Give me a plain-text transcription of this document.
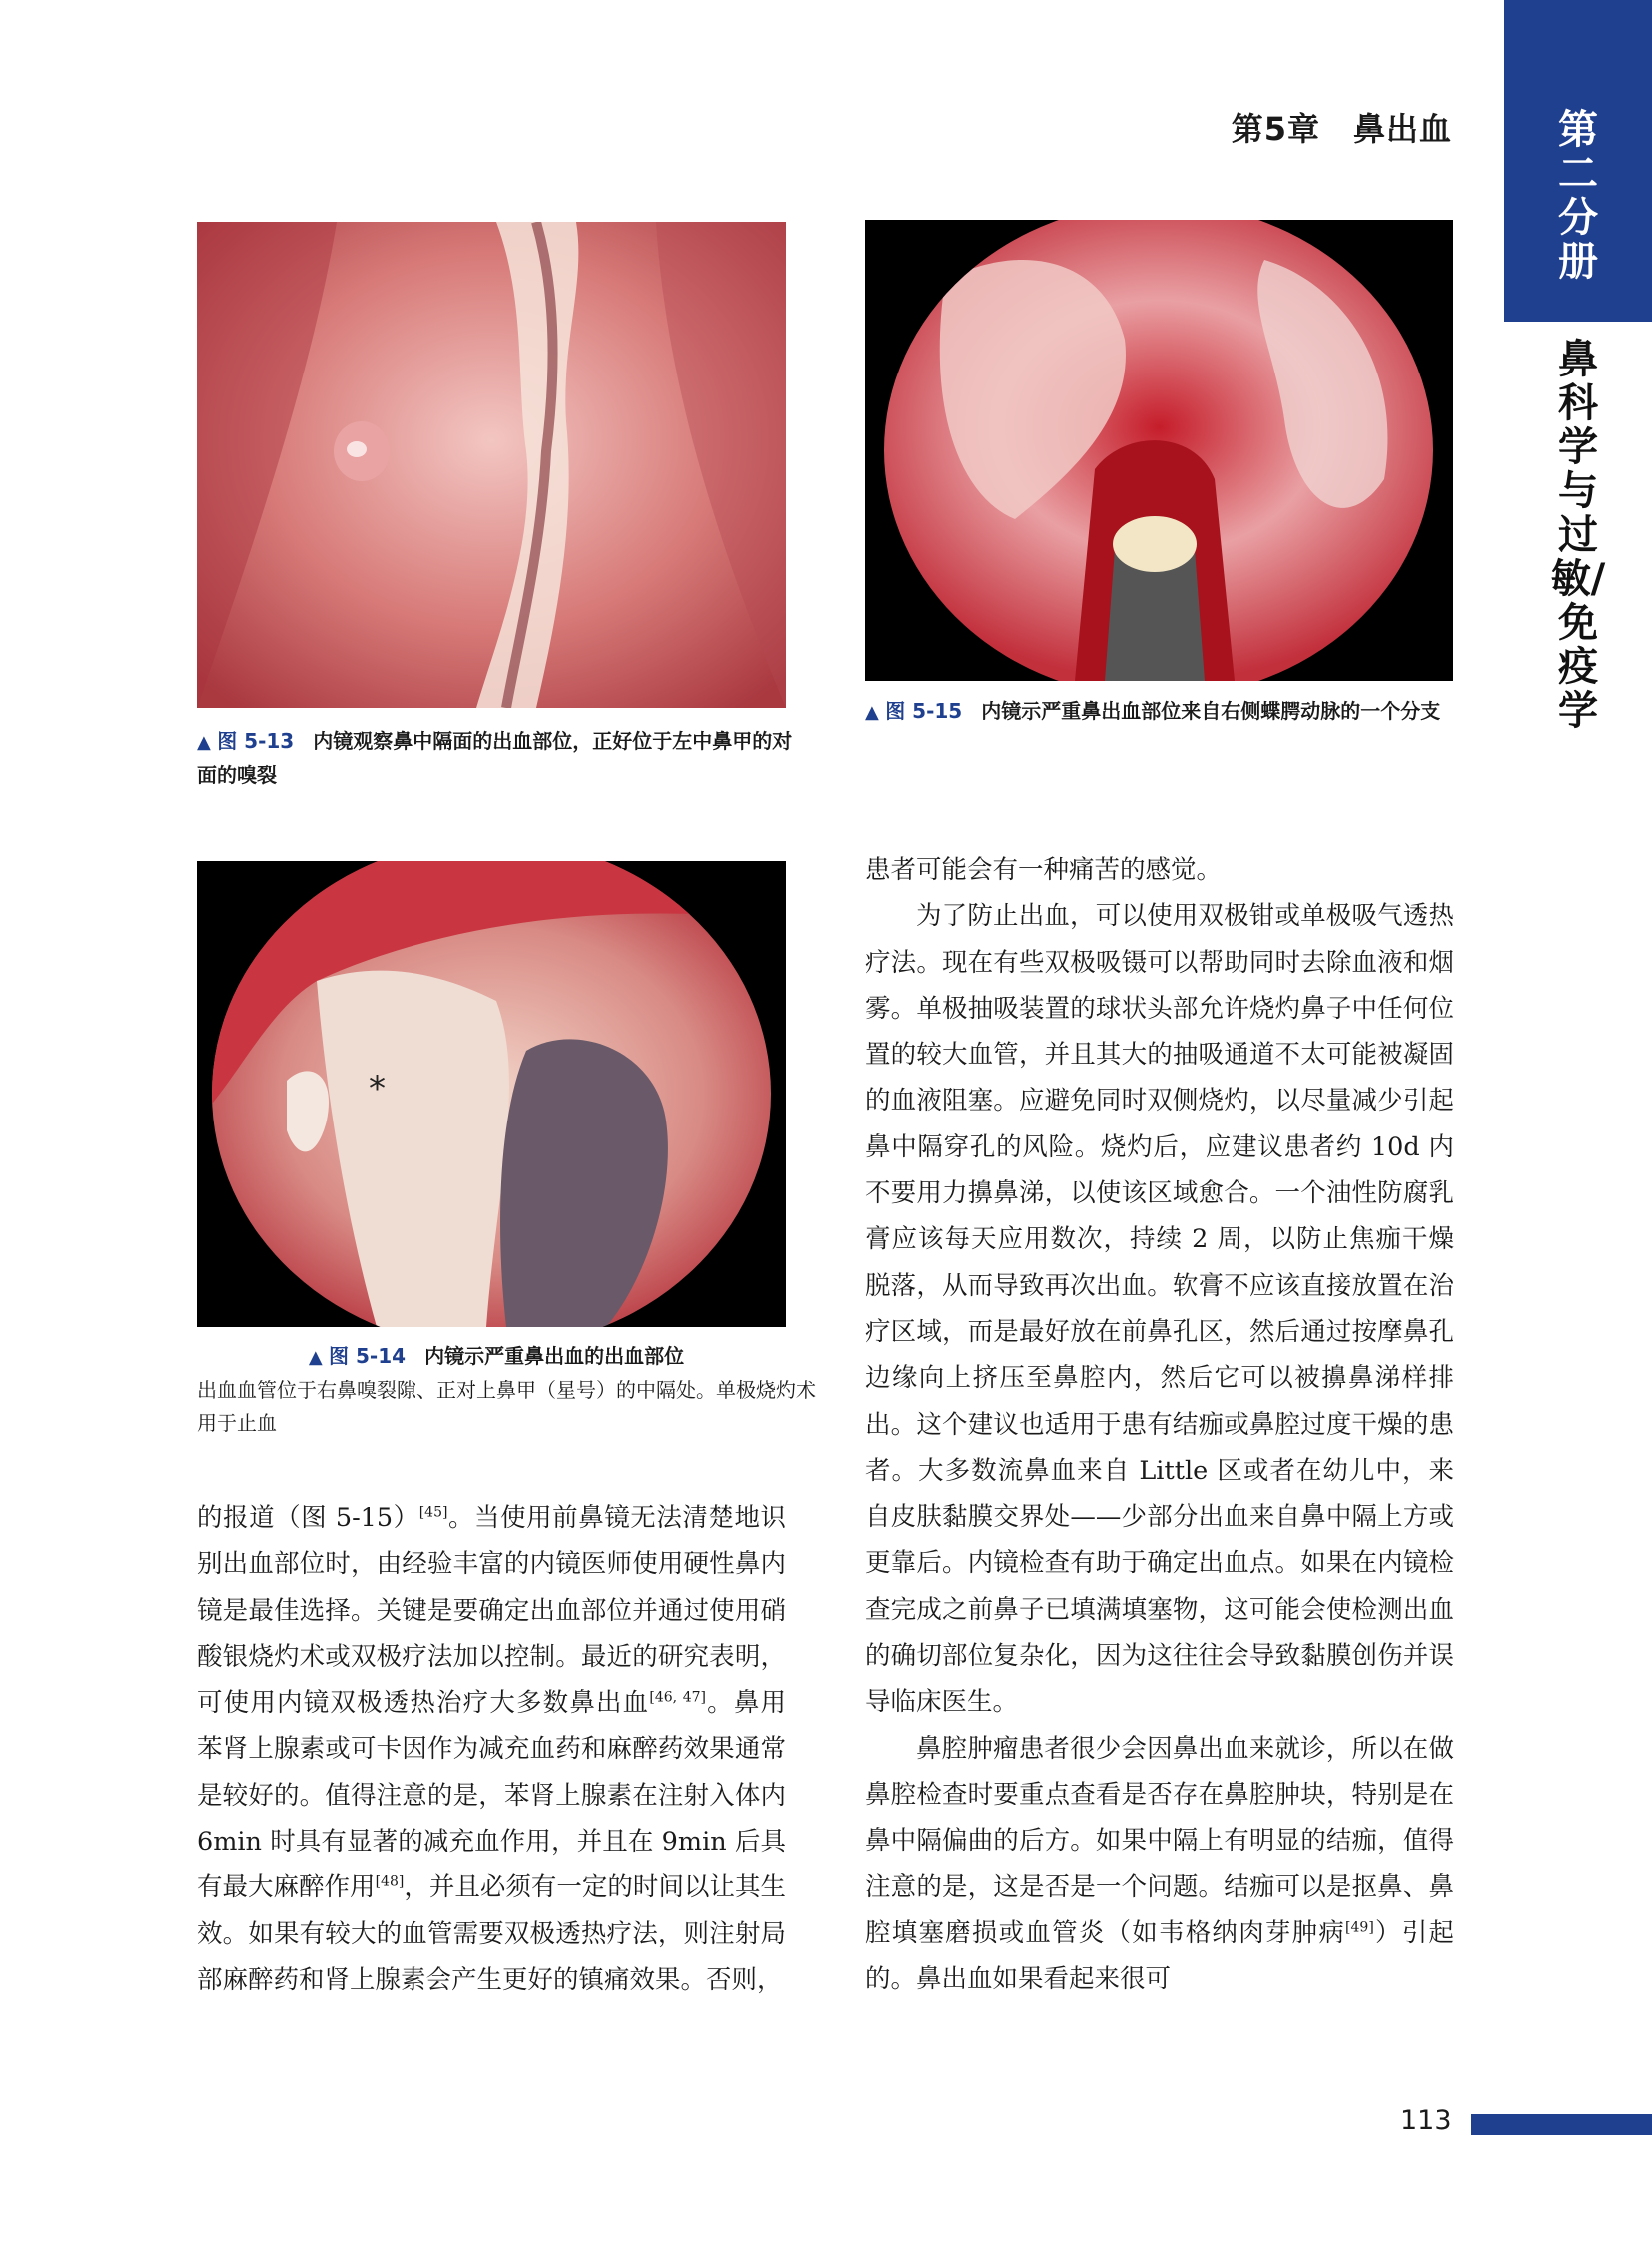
第二分册
鼻科学与过敏/免疫学
第5章　鼻出血
▲ 图 5-13 内镜观察鼻中隔面的出血部位，正好位于左中鼻甲的对面的嗅裂
▲ 图 5-15 内镜示严重鼻出血部位来自右侧蝶腭动脉的一个分支
*
▲ 图 5-14 内镜示严重鼻出血的出血部位
出血血管位于右鼻嗅裂隙、正对上鼻甲（星号）的中隔处。单极烧灼术用于止血

的报道（图 5-15）[45]。当使用前鼻镜无法清楚地识别出血部位时，由经验丰富的内镜医师使用硬性鼻内镜是最佳选择。关键是要确定出血部位并通过使用硝酸银烧灼术或双极疗法加以控制。最近的研究表明，可使用内镜双极透热治疗大多数鼻出血[46, 47]。鼻用苯肾上腺素或可卡因作为减充血药和麻醉药效果通常是较好的。值得注意的是，苯肾上腺素在注射入体内 6min 时具有显著的减充血作用，并且在 9min 后具有最大麻醉作用[48]，并且必须有一定的时间以让其生效。如果有较大的血管需要双极透热疗法，则注射局部麻醉药和肾上腺素会产生更好的镇痛效果。否则，

患者可能会有一种痛苦的感觉。

为了防止出血，可以使用双极钳或单极吸气透热疗法。现在有些双极吸镊可以帮助同时去除血液和烟雾。单极抽吸装置的球状头部允许烧灼鼻子中任何位置的较大血管，并且其大的抽吸通道不太可能被凝固的血液阻塞。应避免同时双侧烧灼，以尽量减少引起鼻中隔穿孔的风险。烧灼后，应建议患者约 10d 内不要用力擤鼻涕，以使该区域愈合。一个油性防腐乳膏应该每天应用数次，持续 2 周，以防止焦痂干燥脱落，从而导致再次出血。软膏不应该直接放置在治疗区域，而是最好放在前鼻孔区，然后通过按摩鼻孔边缘向上挤压至鼻腔内，然后它可以被擤鼻涕样排出。这个建议也适用于患有结痂或鼻腔过度干燥的患者。大多数流鼻血来自 Little 区或者在幼儿中，来自皮肤黏膜交界处——少部分出血来自鼻中隔上方或更靠后。内镜检查有助于确定出血点。如果在内镜检查完成之前鼻子已填满填塞物，这可能会使检测出血的确切部位复杂化，因为这往往会导致黏膜创伤并误导临床医生。

鼻腔肿瘤患者很少会因鼻出血来就诊，所以在做鼻腔检查时要重点查看是否存在鼻腔肿块，特别是在鼻中隔偏曲的后方。如果中隔上有明显的结痂，值得注意的是，这是否是一个问题。结痂可以是抠鼻、鼻腔填塞磨损或血管炎（如韦格纳肉芽肿病[49]）引起的。鼻出血如果看起来很可

113
